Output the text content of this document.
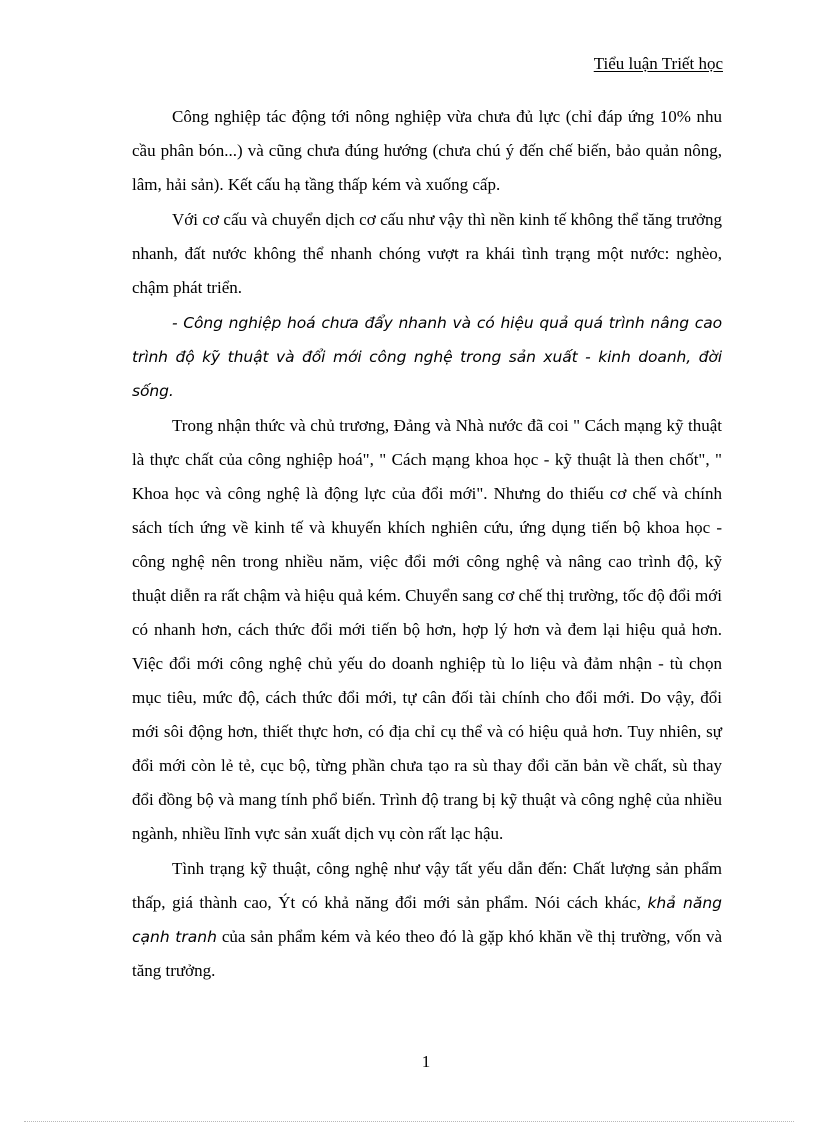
Tiểu luận Triết học

Công nghiệp tác động tới nông nghiệp vừa chưa đủ lực (chỉ đáp ứng 10% nhu cầu phân bón...) và cũng chưa đúng hướng (chưa chú ý đến chế biến, bảo quản nông, lâm, hải sản). Kết cấu hạ tầng thấp kém và xuống cấp.

Với cơ cấu và chuyển dịch cơ cấu như vậy thì nền kinh tế không thể tăng trưởng nhanh, đất nước không thể nhanh chóng vượt ra khái tình trạng một nước: nghèo, chậm phát triển.

- Công nghiệp hoá chưa đẩy nhanh và có hiệu quả quá trình nâng cao trình độ kỹ thuật và đổi mới công nghệ trong sản xuất - kinh doanh, đời sống.

Trong nhận thức và chủ trương, Đảng và Nhà nước đã coi " Cách mạng kỹ thuật là thực chất của công nghiệp hoá", " Cách mạng khoa học - kỹ thuật là then chốt", " Khoa học và công nghệ là động lực của đổi mới". Nhưng do thiếu cơ chế và chính sách tích ứng về kinh tế và khuyến khích nghiên cứu, ứng dụng tiến bộ khoa học - công nghệ nên trong nhiều năm, việc đổi mới công nghệ và nâng cao trình độ, kỹ thuật diễn ra rất chậm và hiệu quả kém. Chuyển sang cơ chế thị trường, tốc độ đổi mới có nhanh hơn, cách thức đổi mới tiến bộ hơn, hợp lý hơn và đem lại hiệu quả hơn. Việc đổi mới công nghệ chủ yếu do doanh nghiệp tù lo liệu và đảm nhận - tù chọn mục tiêu, mức độ, cách thức đổi mới, tự cân đối tài chính cho đổi mới. Do vậy, đổi mới sôi động hơn, thiết thực hơn, có địa chỉ cụ thể và có hiệu quả hơn. Tuy nhiên, sự đổi mới còn lẻ tẻ, cục bộ, từng phần chưa tạo ra sù thay đổi căn bản về chất, sù thay đổi đồng bộ và mang tính phổ biến. Trình độ trang bị kỹ thuật và công nghệ của nhiều ngành, nhiều lĩnh vực sản xuất dịch vụ còn rất lạc hậu.

Tình trạng kỹ thuật, công nghệ như vậy tất yếu dẫn đến: Chất lượng sản phẩm thấp, giá thành cao, Ýt có khả năng đổi mới sản phẩm. Nói cách khác, khả năng cạnh tranh của sản phẩm kém và kéo theo đó là gặp khó khăn về thị trường, vốn và tăng trưởng.

1
